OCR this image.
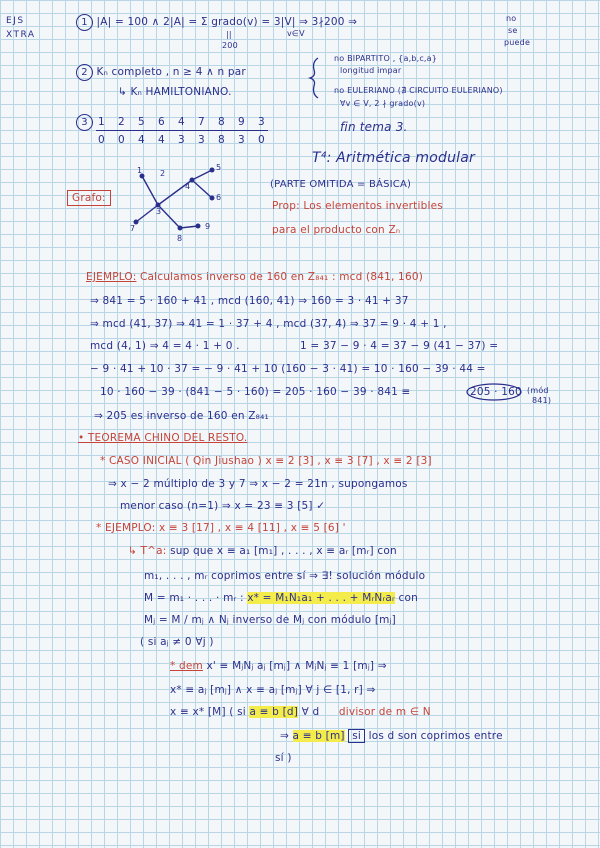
1 2
3
4
5
6
7
8
9
EJS
XTRA
1 |A| = 100 ∧ 2|A| = Σ grado(v) = 3|V| ⇒ 3∤200 ⇒
||
200
v∈V
no
se
puede
2 Kₙ completo , n ≥ 4 ∧ n par
↳ Kₙ HAMILTONIANO.
no BIPARTITO , {a,b,c,a}
longitud impar
no EULERIANO (∄ CIRCUITO EULERIANO)
∀v ∈ V, 2 ∤ grado(v)
3 1 2 5 6 4 7 8 9 3
0 0 4 4 3 3 8 3 0
fin tema 3.
Grafo:
T⁴: Aritmética modular
(PARTE OMITIDA = BÁSICA)
Prop: Los elementos invertibles
para el producto con Zₙ
EJEMPLO: Calculamos inverso de 160 en Z₈₄₁ : mcd (841, 160)
⇒ 841 = 5 · 160 + 41 , mcd (160, 41) ⇒ 160 = 3 · 41 + 37
⇒ mcd (41, 37) ⇒ 41 = 1 · 37 + 4 , mcd (37, 4) ⇒ 37 = 9 · 4 + 1 ,
mcd (4, 1) ⇒ 4 = 4 · 1 + 0 .	1 = 37 − 9 · 4 = 37 − 9 (41 − 37) =
− 9 · 41 + 10 · 37 = − 9 · 41 + 10 (160 − 3 · 41) = 10 · 160 − 39 · 44 =
10 · 160 − 39 · (841 − 5 · 160) = 205 · 160 − 39 · 841 ≡	205 · 160 (mód
841)
⇒ 205 es inverso de 160 en Z₈₄₁
• TEOREMA CHINO DEL RESTO.
* CASO INICIAL ( Qin Jiushao ) x ≡ 2 [3] , x ≡ 3 [7] , x ≡ 2 [3]
⇒ x − 2 múltiplo de 3 y 7 ⇒ x − 2 = 21n , supongamos
menor caso (n=1) ⇒ x = 23 ≡ 3 [5] ✓
* EJEMPLO: x ≡ 3 [17] , x ≡ 4 [11] , x ≡ 5 [6] '
↳ T^a: sup que x ≡ a₁ [m₁] , . . . , x ≡ aᵣ [mᵣ] con
m₁, . . . , mᵣ coprimos entre sí ⇒ ∃! solución módulo
M = m₁ · . . . · mᵣ : x* = M₁N₁a₁ + . . . + MᵣNᵣaᵣ con
Mⱼ = M / mⱼ ∧ Nⱼ inverso de Mⱼ con módulo [mⱼ]
( si aⱼ ≠ 0 ∀j )
* dem x' ≡ MⱼNⱼ aⱼ [mⱼ] ∧ MⱼNⱼ ≡ 1 [mⱼ] ⇒
x* ≡ aⱼ [mⱼ] ∧ x ≡ aⱼ [mⱼ] ∀ j ∈ [1, r] ⇒
x ≡ x* [M] ( si a ≡ b [d] ∀ d divisor de m ∈ N
⇒ a ≡ b [m] si los d son coprimos entre
sí )
